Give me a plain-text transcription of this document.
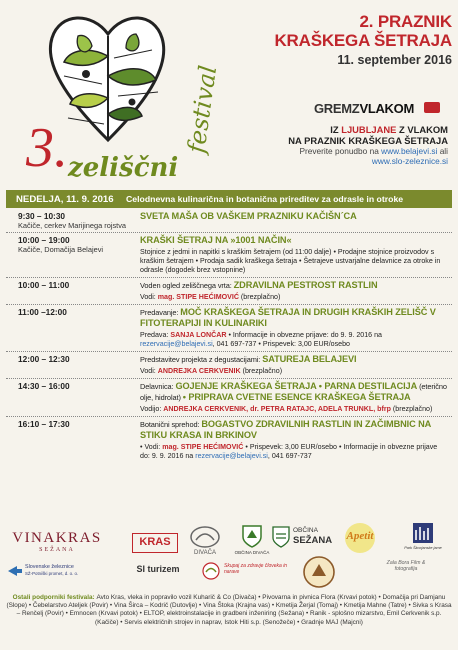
3. zeliščni
festival
2. PRAZNIK
KRAŠKEGA ŠETRAJA
11. september 2016
GREMZVLAKOM
IZ LJUBLJANE Z VLAKOM
NA PRAZNIK KRAŠKEGA ŠETRAJA
Preverite ponudbo na www.belajevi.si ali
www.slo-zeleznice.si
NEDELJA, 11. 9. 2016	Celodnevna kulinarična in botanična prireditev za odrasle in otroke
9:30 – 10:30
Kačiče, cerkev Marijinega rojstva
SVETA MAŠA OB VAŠKEM PRAZNIKU KAČIŠN´CA
10:00 – 19:00
Kačiče, Domačija Belajevi
KRAŠKI ŠETRAJ NA »1001 NAČIN«

Stojnice z jedmi in napitki s kraškim šetrajem (od 11:00 dalje) • Prodajne stojnice proizvodov s kraškim šetrajem • Prodaja sadik kraškega šetraja • Šetrajeve ustvarjalne delavnice za otroke in odrasle (dogodek brez vstopnine)

10:00 – 11:00	Voden ogled zeliščnega vrta: ZDRAVILNA PESTROST RASTLIN

Vodi: mag. STIPE HEĆIMOVIĆ (brezplačno)

11:00 –12:00	Predavanje: MOČ KRAŠKEGA ŠETRAJA IN DRUGIH KRAŠKIH ZELIŠČ V FITOTERAPIJI IN KULINARIKI

Predava: SANJA LONČAR • Informacije in obvezne prijave: do 9. 9. 2016 na rezervacije@belajevi.si, 041 697-737 • Prispevek: 3,00 EUR/osebo

12:00 – 12:30	Predstavitev projekta z degustacijami: SATUREJA BELAJEVI

Vodi: ANDREJKA CERKVENIK (brezplačno)

14:30 – 16:00	Delavnica: GOJENJE KRAŠKEGA ŠETRAJA • PARNA DESTILACIJA (eterično olje, hidrolat) • PRIPRAVA CVETNE ESENCE KRAŠKEGA ŠETRAJA

Vodijo: ANDREJKA CERKVENIK, dr. PETRA RATAJC, ADELA TRUNKL, bfrp (brezplačno)

16:10 – 17:30	Botanični sprehod: BOGASTVO ZDRAVILNIH RASTLIN IN ZAČIMBNIC NA STIKU KRASA IN BRKINOV

• Vodi: mag. STIPE HEĆIMOVIĆ • Prispevek: 3,00 EUR/osebo • Informacije in obvezne prijave do: 9. 9. 2016 na rezervacije@belajevi.si, 041 697-737

VINAKRAS
SEŽANA
KRAS
DIVAČA	OBČINA DIVAČA
OBČINA
SEŽANA	Apetit
Park Škocjanske jame
Slovenske železnice
SŽ-Potniški promet, d. o. o.	SI turizem	Skupaj za zdravje človeka in narave
Zala Bora Film & fotografija
Ostali podporniki festivala: Avto Kras, vleka in popravilo vozil Kuharič & Co (Divača) • Pivovarna in pivnica Flora (Krvavi potok) • Domačija pri Damjanu (Slope) • Čebelarstvo Ateljek (Povir) • Vina Širca – Kodrič (Dutovlje) • Vina Štoka (Krajna vas) • Kmetija Žerjal (Tomaj) • Kmetija Mahne (Tatre) • Sivka s Krasa – Renčelj (Povir) • Emnocen (Krvavi potok) • ELTOP, elektroinstalacije in gradbeni inženiring (Sežana) • Ranik - splošno mizarstvo, Emil Cerkvenik s.p. (Kačiče) • Servis električnih strojev in naprav, Istok Hiti s.p. (Senožeče) • Gradnje MAJ (Majcni)
